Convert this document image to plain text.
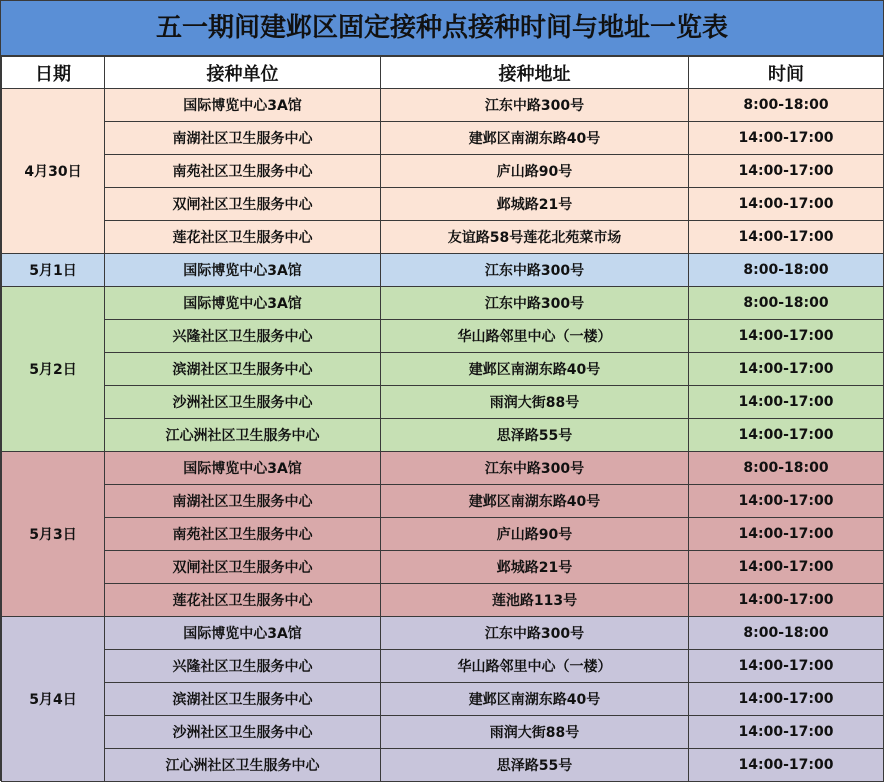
五一期间建邺区固定接种点接种时间与地址一览表
日期	接种单位	接种地址	时间
4月30日	国际博览中心3A馆	江东中路300号	8:00-18:00
	南湖社区卫生服务中心	建邺区南湖东路40号	14:00-17:00
	南苑社区卫生服务中心	庐山路90号	14:00-17:00
	双闸社区卫生服务中心	邺城路21号	14:00-17:00
	莲花社区卫生服务中心	友谊路58号莲花北苑菜市场	14:00-17:00
5月1日	国际博览中心3A馆	江东中路300号	8:00-18:00
5月2日	国际博览中心3A馆	江东中路300号	8:00-18:00
	兴隆社区卫生服务中心	华山路邻里中心（一楼）	14:00-17:00
	滨湖社区卫生服务中心	建邺区南湖东路40号	14:00-17:00
	沙洲社区卫生服务中心	雨润大街88号	14:00-17:00
	江心洲社区卫生服务中心	思泽路55号	14:00-17:00
5月3日	国际博览中心3A馆	江东中路300号	8:00-18:00
	南湖社区卫生服务中心	建邺区南湖东路40号	14:00-17:00
	南苑社区卫生服务中心	庐山路90号	14:00-17:00
	双闸社区卫生服务中心	邺城路21号	14:00-17:00
	莲花社区卫生服务中心	莲池路113号	14:00-17:00
5月4日	国际博览中心3A馆	江东中路300号	8:00-18:00
	兴隆社区卫生服务中心	华山路邻里中心（一楼）	14:00-17:00
	滨湖社区卫生服务中心	建邺区南湖东路40号	14:00-17:00
	沙洲社区卫生服务中心	雨润大街88号	14:00-17:00
	江心洲社区卫生服务中心	思泽路55号	14:00-17:00
